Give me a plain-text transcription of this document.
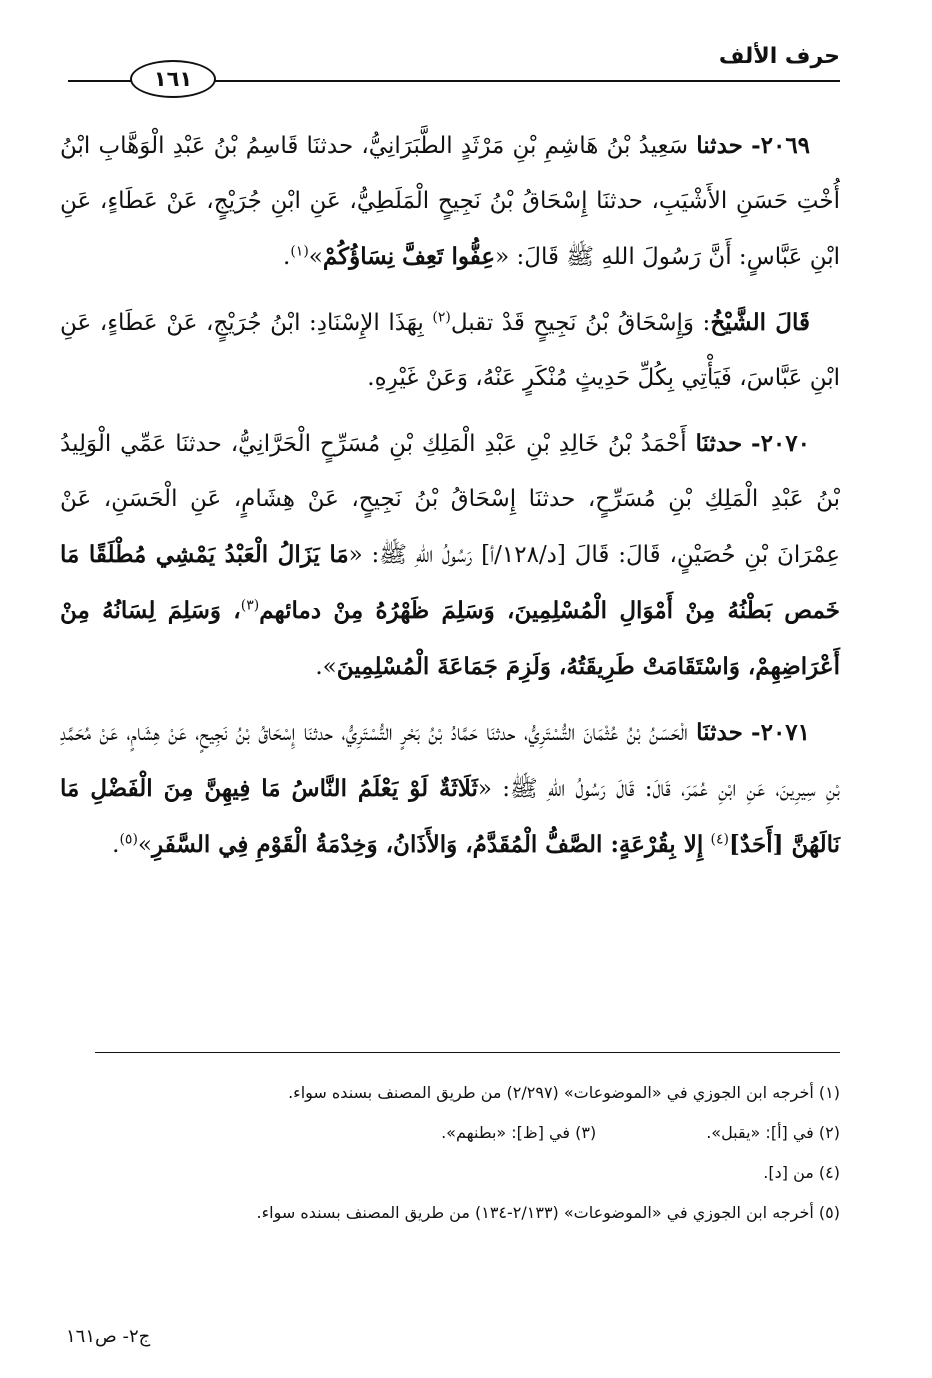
حرف الألف
١٦١

٢٠٦٩- حدثنا سَعِيدُ بْنُ هَاشِمِ بْنِ مَرْثَدٍ الطَّبَرَانِيُّ، حدثنَا قَاسِمُ بْنُ عَبْدِ الْوَهَّابِ ابْنُ أُخْتِ حَسَنِ الأَشْيَبِ، حدثنَا إِسْحَاقُ بْنُ نَجِيحٍ الْمَلَطِيُّ، عَنِ ابْنِ جُرَيْجٍ، عَنْ عَطَاءٍ، عَنِ ابْنِ عَبَّاسٍ: أَنَّ رَسُولَ اللهِ ﷺ قَالَ: «عِفُّوا تَعِفَّ نِسَاؤُكُمْ»$^{(١)}$.

قَالَ الشَّيْخُ: وَإِسْحَاقُ بْنُ نَجِيحٍ قَدْ تقبل$^{(٢)}$ بِهَذَا الإِسْنَادِ: ابْنُ جُرَيْجٍ، عَنْ عَطَاءٍ، عَنِ ابْنِ عَبَّاسَ، فَيَأْتِي بِكُلِّ حَدِيثٍ مُنْكَرٍ عَنْهُ، وَعَنْ غَيْرِهِ.

٢٠٧٠- حدثنَا أَحْمَدُ بْنُ خَالِدِ بْنِ عَبْدِ الْمَلِكِ بْنِ مُسَرِّحٍ الْحَرَّانِيُّ، حدثنَا عَمِّي الْوَلِيدُ بْنُ عَبْدِ الْمَلِكِ بْنِ مُسَرِّحٍ، حدثنَا إِسْحَاقُ بْنُ نَجِيحٍ، عَنْ هِشَامٍ، عَنِ الْحَسَنِ، عَنْ عِمْرَانَ بْنِ حُصَيْنٍ، قَالَ: قَالَ [د/١٢٨/أ] رَسُولُ اللهِ ﷺ: «مَا يَزَالُ الْعَبْدُ يَمْشِي مُطْلَقًا مَا خَمص بَطْنُهُ مِنْ أَمْوَالِ الْمُسْلِمِينَ، وَسَلِمَ ظَهْرُهُ مِنْ دمائهم$^{(٣)}$، وَسَلِمَ لِسَانُهُ مِنْ أَعْرَاضِهِمْ، وَاسْتَقَامَتْ طَرِيقَتُهُ، وَلَزِمَ جَمَاعَةَ الْمُسْلِمِينَ».

٢٠٧١- حدثنَا الْحَسَنُ بْنُ عُثْمَانَ التُّسْتَرِيُّ، حدثنَا حَمَّادُ بْنُ بَحْرٍ التُّسْتَرِيُّ، حدثنَا إِسْحَاقُ بْنُ نَجِيحٍ، عَنْ هِشَامٍ، عَنْ مُحَمَّدِ بْنِ سِيرِينَ، عَنِ ابْنِ عُمَرَ، قَالَ: قَالَ رَسُولُ اللهِ ﷺ: «ثَلَاثَةٌ لَوْ يَعْلَمُ النَّاسُ مَا فِيهِنَّ مِنَ الْفَضْلِ مَا نَالَهُنَّ [أَحَدٌ]$^{(٤)}$ إِلا بِقُرْعَةٍ: الصَّفُّ الْمُقَدَّمُ، وَالأَذَانُ، وَخِدْمَةُ الْقَوْمِ فِي السَّفَرِ»$^{(٥)}$.

(١) أخرجه ابن الجوزي في «الموضوعات» (٢/٢٩٧) من طريق المصنف بسنده سواء.
(٢) في [أ]: «يقبل».(٣) في [ظ]: «بطنهم».
(٤) من [د].
(٥) أخرجه ابن الجوزي في «الموضوعات» (٢/١٣٣-١٣٤) من طريق المصنف بسنده سواء.
ج٢- ص١٦١
